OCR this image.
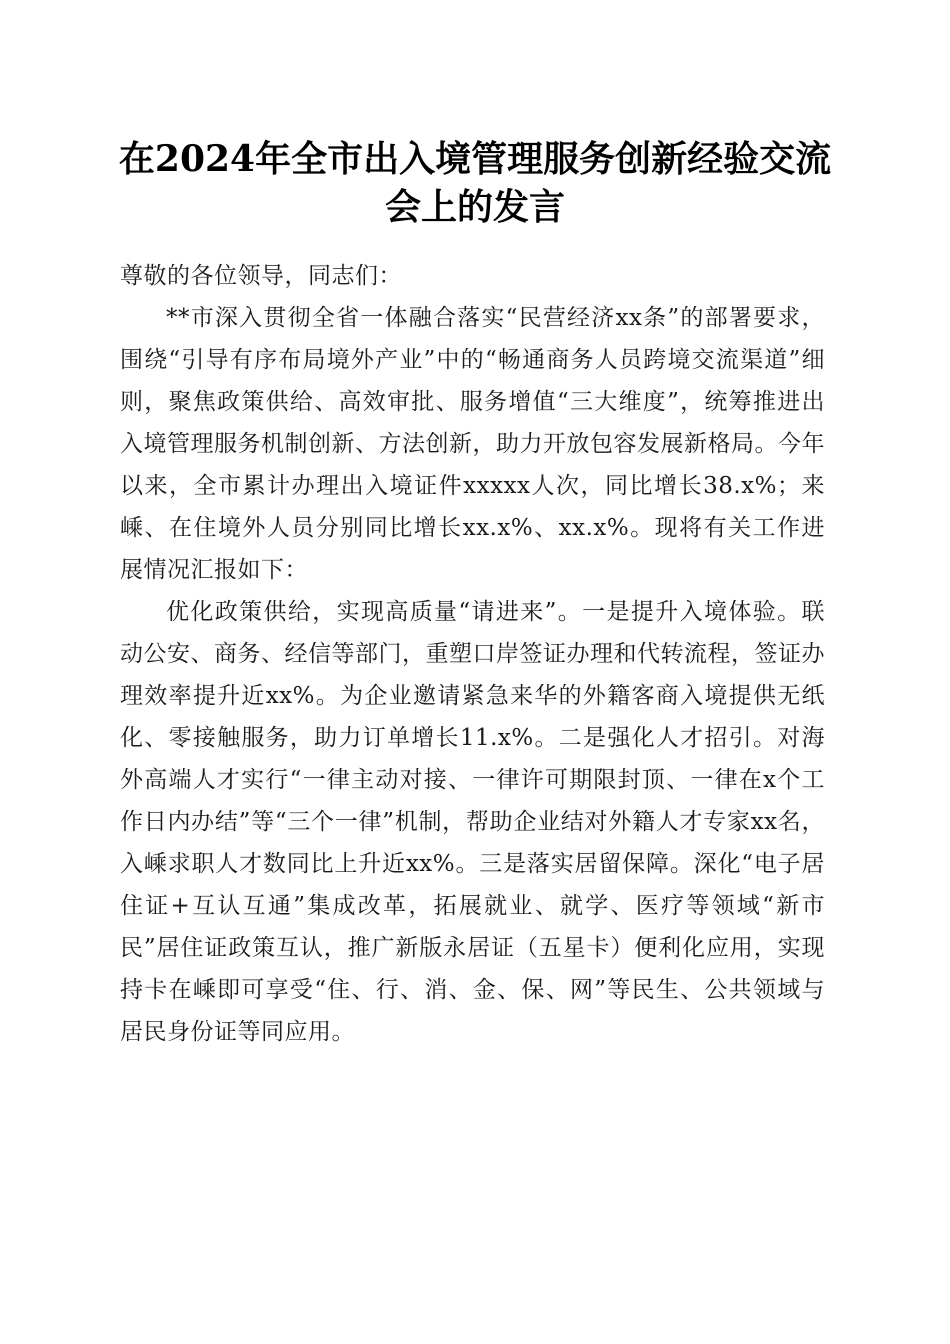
在2024年全市出入境管理服务创新经验交流
会上的发言

尊敬的各位领导，同志们：

**市深入贯彻全省一体融合落实“民营经济xx条”的部署要求，围绕“引导有序布局境外产业”中的“畅通商务人员跨境交流渠道”细则，聚焦政策供给、高效审批、服务增值“三大维度”，统筹推进出入境管理服务机制创新、方法创新，助力开放包容发展新格局。今年以来，全市累计办理出入境证件xxxxx人次，同比增长38.x%；来嵊、在住境外人员分别同比增长xx.x%、xx.x%。现将有关工作进展情况汇报如下：

优化政策供给，实现高质量“请进来”。一是提升入境体验。联动公安、商务、经信等部门，重塑口岸签证办理和代转流程，签证办理效率提升近xx%。为企业邀请紧急来华的外籍客商入境提供无纸化、零接触服务，助力订单增长11.x%。二是强化人才招引。对海外高端人才实行“一律主动对接、一律许可期限封顶、一律在x个工作日内办结”等“三个一律”机制，帮助企业结对外籍人才专家xx名，入嵊求职人才数同比上升近xx%。三是落实居留保障。深化“电子居住证+互认互通”集成改革，拓展就业、就学、医疗等领域“新市民”居住证政策互认，推广新版永居证（五星卡）便利化应用，实现持卡在嵊即可享受“住、行、消、金、保、网”等民生、公共领域与居民身份证等同应用。
